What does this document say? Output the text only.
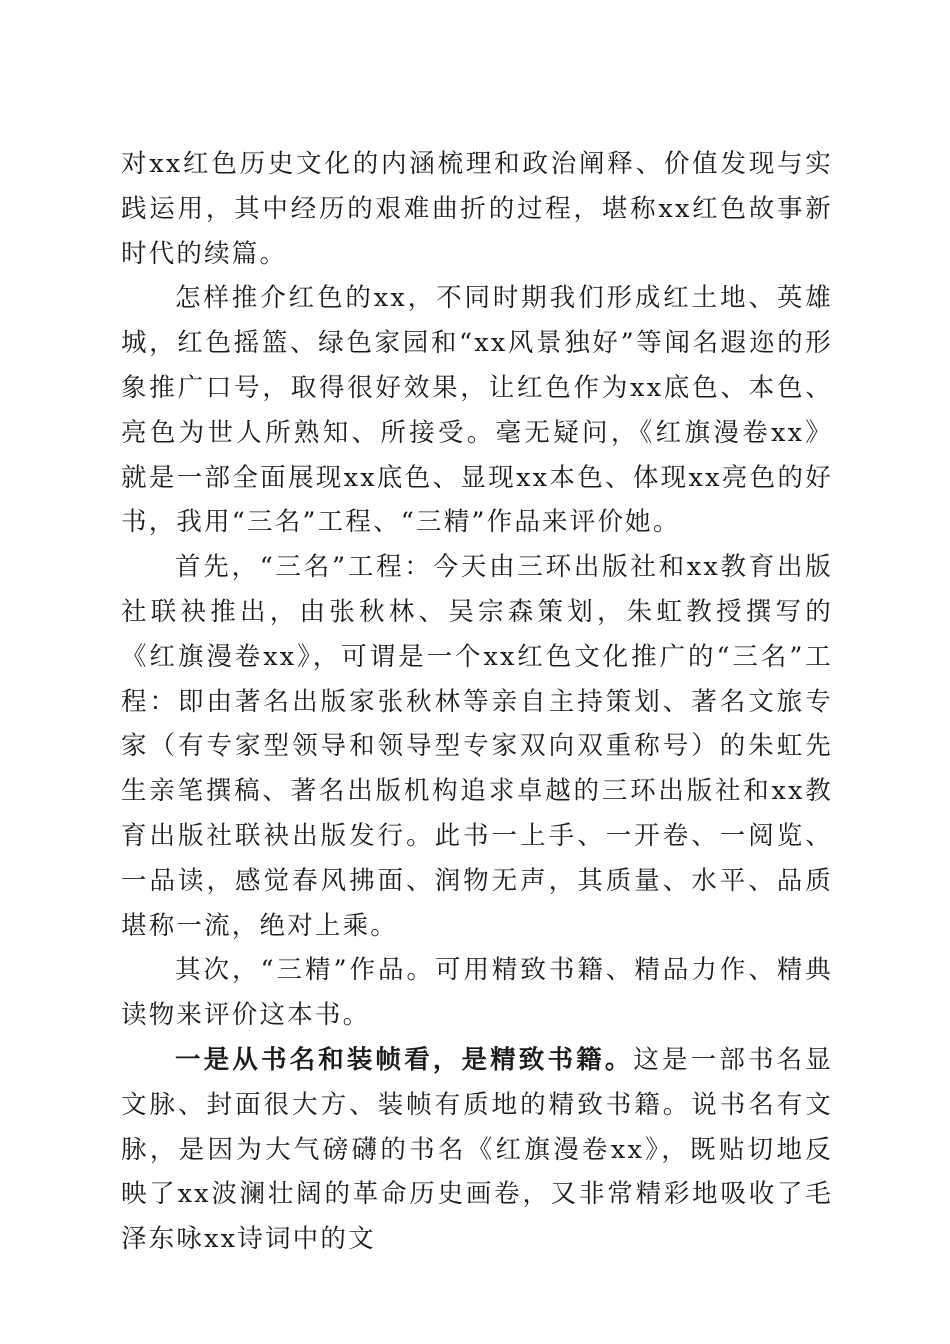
对xx红色历史文化的内涵梳理和政治阐释、价值发现与实践运用，其中经历的艰难曲折的过程，堪称xx红色故事新时代的续篇。

怎样推介红色的xx，不同时期我们形成红土地、英雄城，红色摇篮、绿色家园和“xx风景独好”等闻名遐迩的形象推广口号，取得很好效果，让红色作为xx底色、本色、亮色为世人所熟知、所接受。毫无疑问，《红旗漫卷xx》就是一部全面展现xx底色、显现xx本色、体现xx亮色的好书，我用“三名”工程、“三精”作品来评价她。

首先，“三名”工程：今天由三环出版社和xx教育出版社联袂推出，由张秋林、吴宗森策划，朱虹教授撰写的《红旗漫卷xx》，可谓是一个xx红色文化推广的“三名”工程：即由著名出版家张秋林等亲自主持策划、著名文旅专家（有专家型领导和领导型专家双向双重称号）的朱虹先生亲笔撰稿、著名出版机构追求卓越的三环出版社和xx教育出版社联袂出版发行。此书一上手、一开卷、一阅览、一品读，感觉春风拂面、润物无声，其质量、水平、品质堪称一流，绝对上乘。

其次，“三精”作品。可用精致书籍、精品力作、精典读物来评价这本书。

一是从书名和装帧看，是精致书籍。这是一部书名显文脉、封面很大方、装帧有质地的精致书籍。说书名有文脉，是因为大气磅礴的书名《红旗漫卷xx》，既贴切地反映了xx波澜壮阔的革命历史画卷，又非常精彩地吸收了毛泽东咏xx诗词中的文
